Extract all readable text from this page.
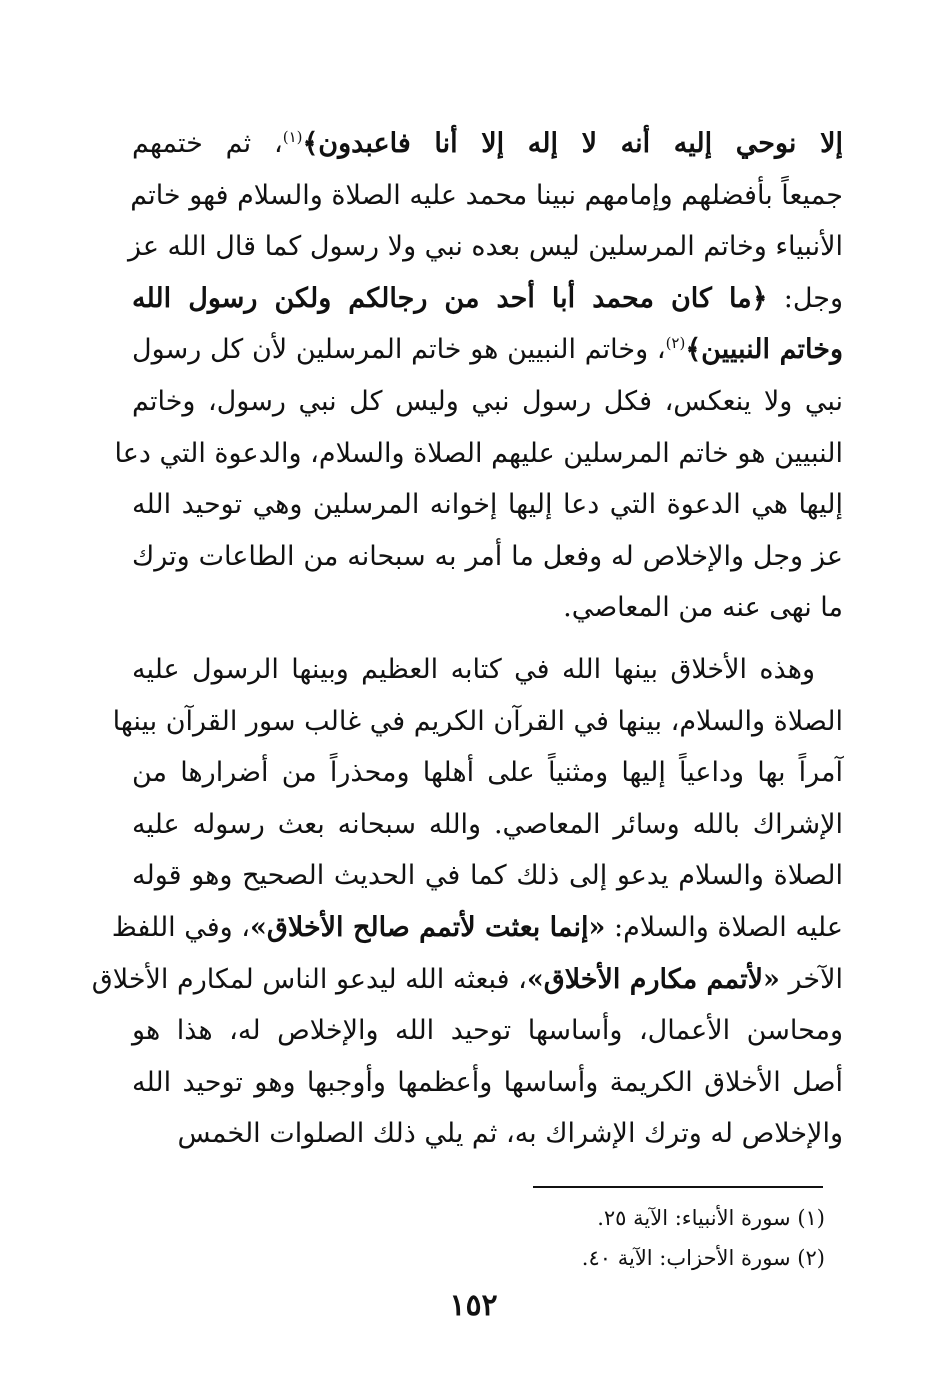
إلا نوحي إليه أنه لا إله إلا أنا فاعبدون﴾$^{(١)}$، ثم ختمهم
جميعاً بأفضلهم وإمامهم نبينا محمد عليه الصلاة والسلام فهو خاتم
الأنبياء وخاتم المرسلين ليس بعده نبي ولا رسول كما قال الله عز
وجل: ﴿ما كان محمد أبا أحد من رجالكم ولكن رسول الله
وخاتم النبيين﴾$^{(٢)}$، وخاتم النبيين هو خاتم المرسلين لأن كل رسول
نبي ولا ينعكس، فكل رسول نبي وليس كل نبي رسول، وخاتم
النبيين هو خاتم المرسلين عليهم الصلاة والسلام، والدعوة التي دعا
إليها هي الدعوة التي دعا إليها إخوانه المرسلين وهي توحيد الله
عز وجل والإخلاص له وفعل ما أمر به سبحانه من الطاعات وترك
ما نهى عنه من المعاصي.
وهذه الأخلاق بينها الله في كتابه العظيم وبينها الرسول عليه
الصلاة والسلام، بينها في القرآن الكريم في غالب سور القرآن بينها
آمراً بها وداعياً إليها ومثنياً على أهلها ومحذراً من أضرارها من
الإشراك بالله وسائر المعاصي. والله سبحانه بعث رسوله عليه
الصلاة والسلام يدعو إلى ذلك كما في الحديث الصحيح وهو قوله
عليه الصلاة والسلام: «إنما بعثت لأتمم صالح الأخلاق»، وفي اللفظ
الآخر «لأتمم مكارم الأخلاق»، فبعثه الله ليدعو الناس لمكارم الأخلاق
ومحاسن الأعمال، وأساسها توحيد الله والإخلاص له، هذا هو
أصل الأخلاق الكريمة وأساسها وأعظمها وأوجبها وهو توحيد الله
والإخلاص له وترك الإشراك به، ثم يلي ذلك الصلوات الخمس
(١) سورة الأنبياء: الآية ٢٥.
(٢) سورة الأحزاب: الآية ٤٠.
١٥٢
